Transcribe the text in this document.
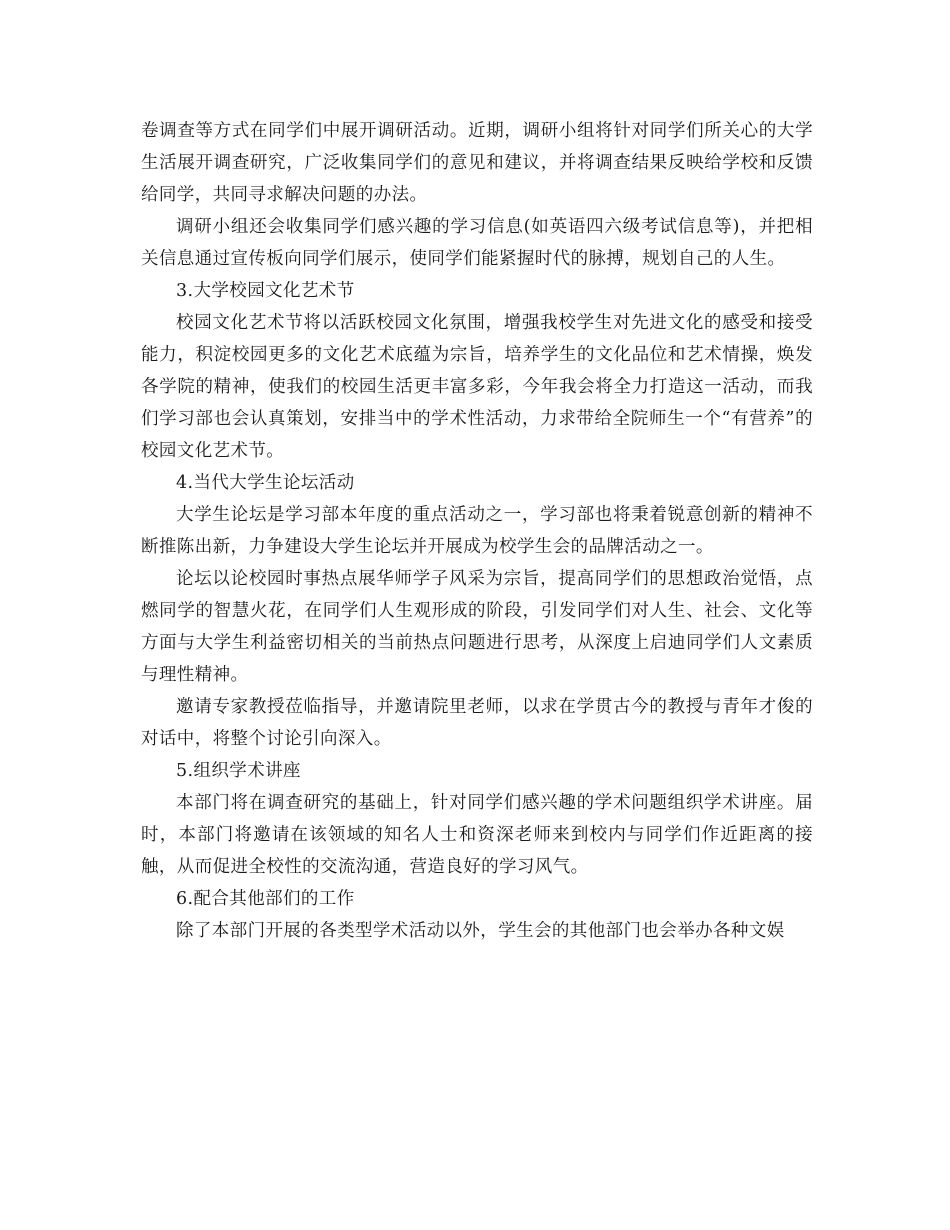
卷调查等方式在同学们中展开调研活动。近期，调研小组将针对同学们所关心的大学生活展开调查研究，广泛收集同学们的意见和建议，并将调查结果反映给学校和反馈给同学，共同寻求解决问题的办法。

调研小组还会收集同学们感兴趣的学习信息(如英语四六级考试信息等)，并把相关信息通过宣传板向同学们展示，使同学们能紧握时代的脉搏，规划自己的人生。

3.大学校园文化艺术节

校园文化艺术节将以活跃校园文化氛围，增强我校学生对先进文化的感受和接受能力，积淀校园更多的文化艺术底蕴为宗旨，培养学生的文化品位和艺术情操，焕发各学院的精神，使我们的校园生活更丰富多彩，今年我会将全力打造这一活动，而我们学习部也会认真策划，安排当中的学术性活动，力求带给全院师生一个“有营养”的校园文化艺术节。

4.当代大学生论坛活动

大学生论坛是学习部本年度的重点活动之一，学习部也将秉着锐意创新的精神不断推陈出新，力争建设大学生论坛并开展成为校学生会的品牌活动之一。

论坛以论校园时事热点展华师学子风采为宗旨，提高同学们的思想政治觉悟，点燃同学的智慧火花，在同学们人生观形成的阶段，引发同学们对人生、社会、文化等方面与大学生利益密切相关的当前热点问题进行思考，从深度上启迪同学们人文素质与理性精神。

邀请专家教授莅临指导，并邀请院里老师，以求在学贯古今的教授与青年才俊的对话中，将整个讨论引向深入。

5.组织学术讲座

本部门将在调查研究的基础上，针对同学们感兴趣的学术问题组织学术讲座。届时，本部门将邀请在该领域的知名人士和资深老师来到校内与同学们作近距离的接触，从而促进全校性的交流沟通，营造良好的学习风气。

6.配合其他部们的工作

除了本部门开展的各类型学术活动以外，学生会的其他部门也会举办各种文娱
